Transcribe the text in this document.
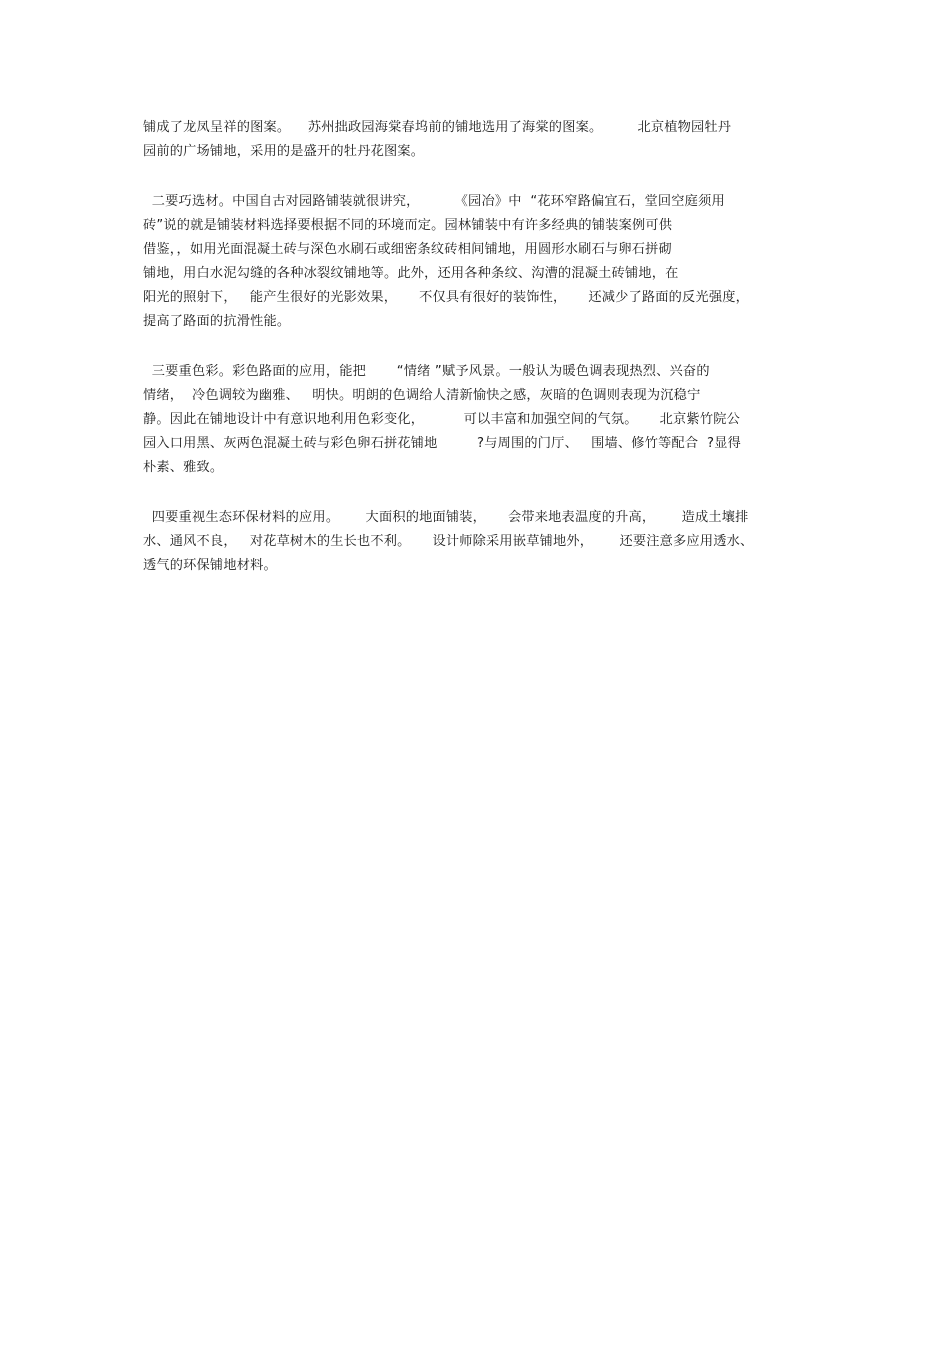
铺成了龙凤呈祥的图案。    苏州拙政园海棠春坞前的铺地选用了海棠的图案。        北京植物园牡丹
园前的广场铺地，采用的是盛开的牡丹花图案。
二要巧选材。中国自古对园路铺装就很讲究，        《园冶》中  “花环窄路偏宜石，堂回空庭须用
砖”说的就是铺装材料选择要根据不同的环境而定。园林铺装中有许多经典的铺装案例可供
借鉴，，如用光面混凝土砖与深色水刷石或细密条纹砖相间铺地，用圆形水刷石与卵石拼砌
铺地，用白水泥勾缝的各种冰裂纹铺地等。此外，还用各种条纹、沟漕的混凝土砖铺地，在
阳光的照射下，   能产生很好的光影效果，     不仅具有很好的装饰性，     还减少了路面的反光强度，
提高了路面的抗滑性能。
三要重色彩。彩色路面的应用，能把       “情绪 ”赋予风景。一般认为暖色调表现热烈、兴奋的
情绪，  冷色调较为幽雅、   明快。明朗的色调给人清新愉快之感，灰暗的色调则表现为沉稳宁
静。因此在铺地设计中有意识地利用色彩变化，         可以丰富和加强空间的气氛。     北京紫竹院公
园入口用黑、灰两色混凝土砖与彩色卵石拼花铺地         ?与周围的门厅、   围墙、修竹等配合  ?显得
朴素、雅致。
四要重视生态环保材料的应用。      大面积的地面铺装，     会带来地表温度的升高，      造成土壤排
水、通风不良，   对花草树木的生长也不利。     设计师除采用嵌草铺地外，      还要注意多应用透水、
透气的环保铺地材料。
